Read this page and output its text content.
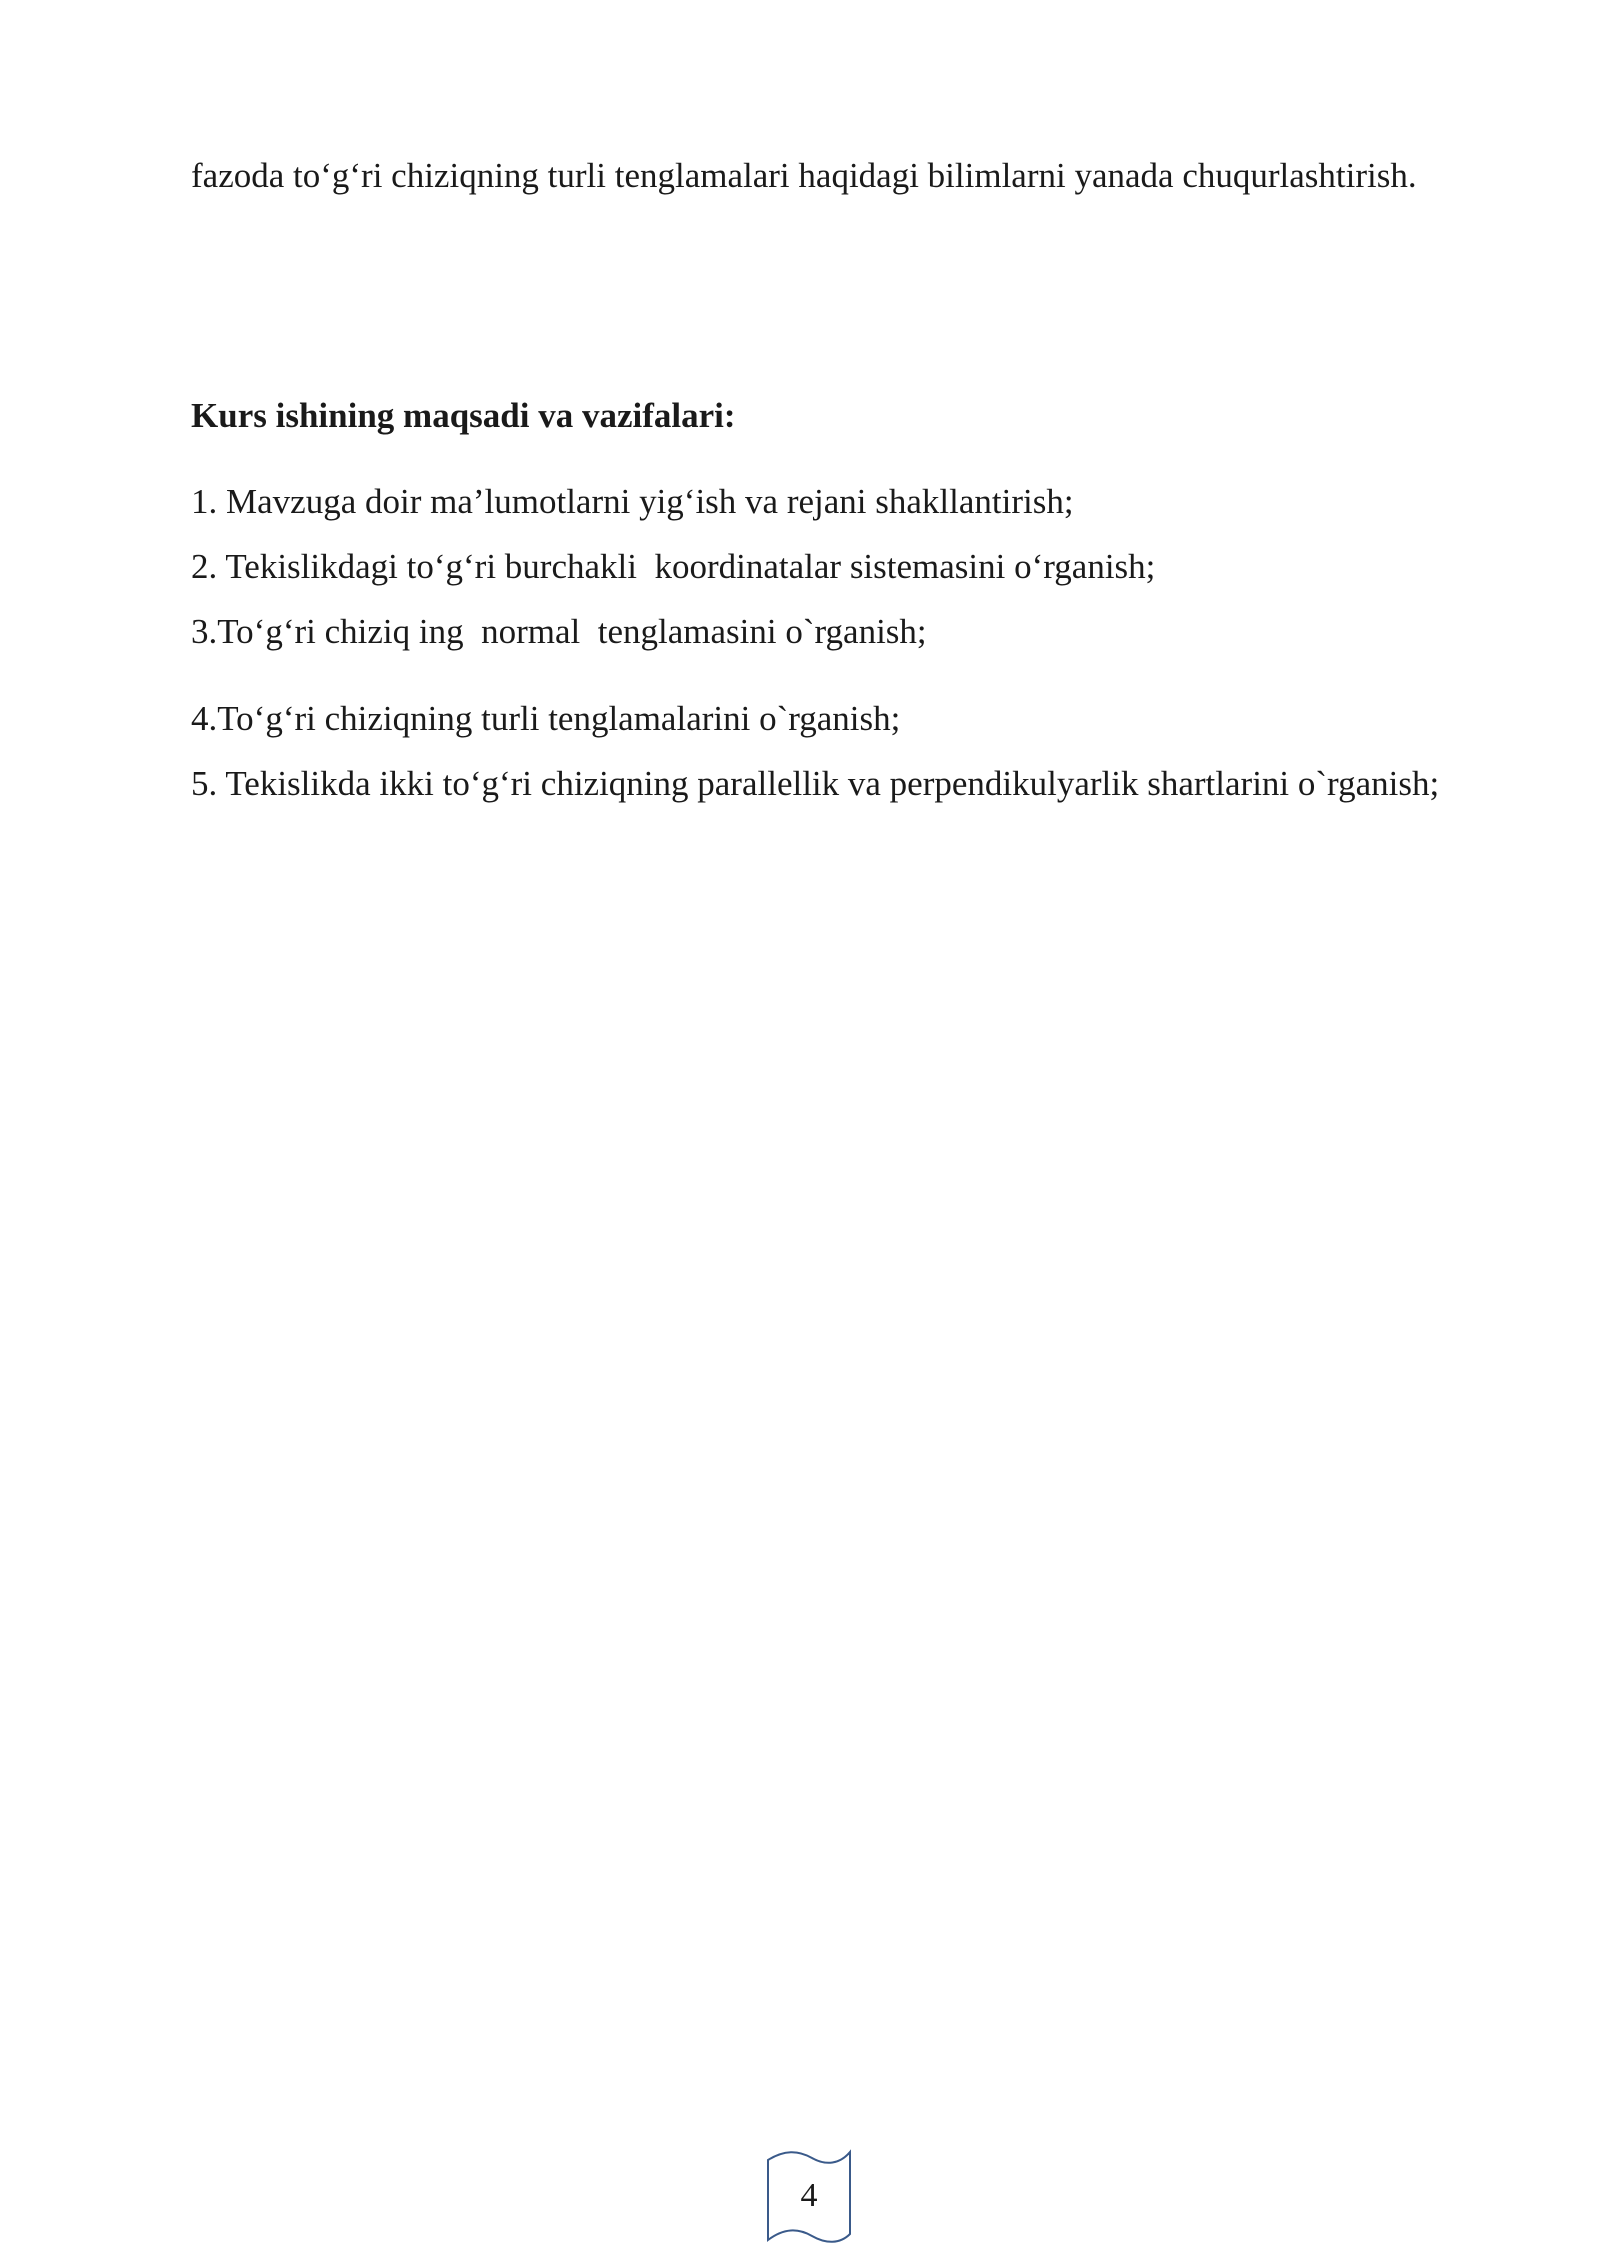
fazoda to‘g‘ri chiziqning turli tenglamalari haqidagi bilimlarni yanada chuqurlashtirish.

Kurs ishining maqsadi va vazifalari:
1. Mavzuga doir ma’lumotlarni yig‘ish va rejani shakllantirish;
2. Tekislikdagi to‘g‘ri burchakli  koordinatalar sistemasini o‘rganish;
3.To‘g‘ri chiziq ing  normal  tenglamasini o`rganish;
4.To‘g‘ri chiziqning turli tenglamalarini o`rganish;

5. Tekislikda ikki to‘g‘ri chiziqning parallellik va perpendikulyarlik shartlarini o`rganish;

4
